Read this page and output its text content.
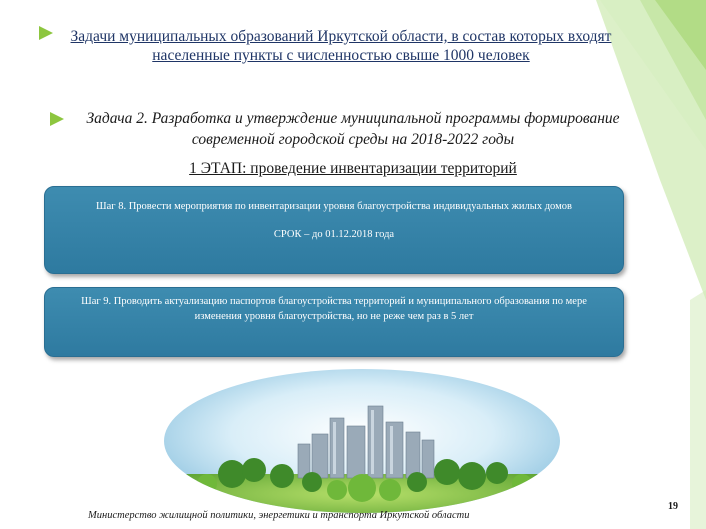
Задачи муниципальных образований Иркутской области, в состав которых входят населенные пункты с численностью свыше 1000 человек
Задача 2. Разработка и утверждение муниципальной программы формирование современной городской среды на 2018-2022 годы
1 ЭТАП: проведение инвентаризации территорий
Шаг 8. Провести мероприятия по инвентаризации уровня благоустройства индивидуальных жилых домов
СРОК – до 01.12.2018 года
Шаг 9. Проводить актуализацию паспортов благоустройства территорий и муниципального образования по мере изменения уровня благоустройства, но не реже чем раз в 5 лет
Министерство жилищной политики, энергетики и транспорта Иркутской области
19
